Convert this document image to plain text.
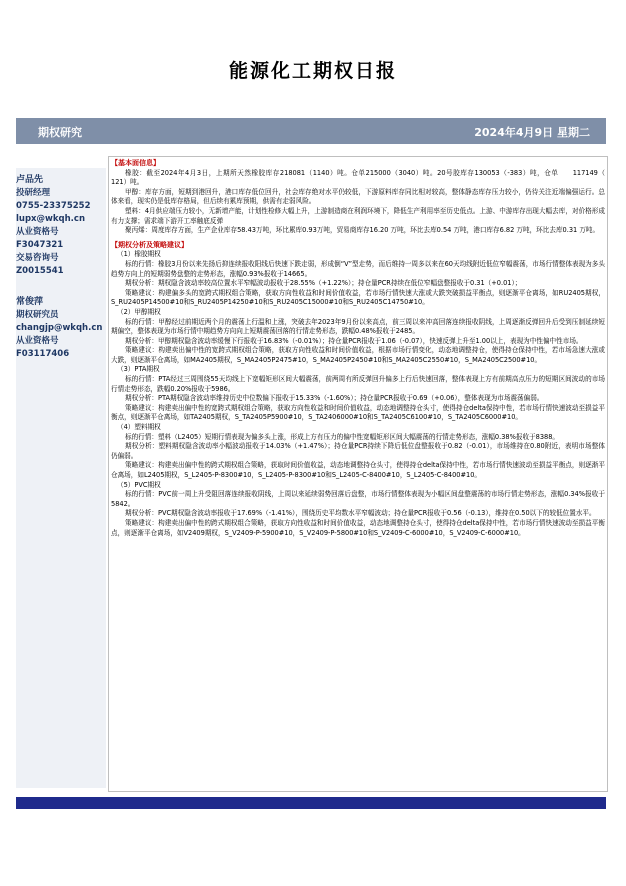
能源化工期权日报
期权研究	2024年4月9日 星期二
卢品先
投研经理
0755-23375252
lupx@wkqh.cn
从业资格号
F3047321
交易咨询号
Z0015541
常俊萍
期权研究员
changjp@wkqh.cn
从业资格号
F03117406
【基本面信息】

橡胶：截至2024年4月3日，上期所天然橡胶库存218081（1140）吨。仓单215000（3040）吨。20号胶库存130053（-383）吨，仓单　　117149（　　121）吨。

甲醇：库存方面，短期到港回升，港口库存低位回升，社会库存绝对水平仍较低，下游原料库存同比相对较高，整体静态库存压力较小，仍待关注近端偏强运行。总体来看，现实仍是低库存格局，但后续有累库预期，供需有走弱风险。

塑料：4月供应端压力较小，无新增产能，计划性检修大幅上升，上游制造商在利润环境下，降低生产利用率至历史低点。上游、中游库存出现大幅去库，对价格形成有力支撑；需求端下游开工率触底反弹

聚丙烯：周度库存方面，生产企业库存58.43万吨，环比累库0.93万吨，贸易商库存16.20 万吨，环比去库0.54 万吨，港口库存6.82 万吨，环比去库0.31 万吨。

【期权分析及策略建议】

（1）橡胶期权

标的行情：橡胶3月份以来先扬后抑连续报收阳线后快速下跌走弱，形成倒“V”型走势，而后维持一周多以来在60天均线附近低位窄幅震荡，市场行情整体表现为多头趋势方向上的短期弱势盘整的走势形态，涨幅0.93%报收于14665。

期权分析：期权隐含波动率较高位置水平窄幅波动报收于28.55%（+1.22%）；持仓量PCR持续在低位窄幅盘整报收于0.31（+0.01）；

策略建议：构建偏多头的宽跨式期权组合策略，获取方向性收益和时间价值收益，若市场行情快速大涨或大跌突破损益平衡点，则逐渐平仓离场，如RU2405期权，S_RU2405P14500#10和S_RU2405P14250#10和S_RU2405C15000#10和S_RU2405C14750#10。

（2）甲醇期权

标的行情：甲醇经过前期近两个月的震荡上行温和上涨，突破去年2023年9月份以来高点，前三周以来冲高回落连续报收阴线，上周逐渐反弹回升后受到压制延续短期偏空，整体表现为市场行情中期趋势方向向上短期震荡回落的行情走势形态，跌幅0.48%报收于2485。

期权分析：甲醇期权隐含波动率缓慢下行报收于16.83%（-0.01%）；持仓量PCR报收于1.06（-0.07），快速反弹上升至1.00以上，表现为中性偏中性市场。

策略建议：构建卖出偏中性的宽跨式期权组合策略，获取方向性收益和时间价值收益，根据市场行情变化，动态地调整持仓，使得持仓保持中性，若市场急速大涨或大跌，则逐渐平仓离场，如MA2405期权，S_MA2405P2475#10，S_MA2405P2450#10和S_MA2405C2550#10，S_MA2405C2500#10。

（3）PTA期权

标的行情：PTA经过三周围绕55天均线上下宽幅矩形区间大幅震荡，前两周有所反弹回升偏多上行后快速回落，整体表现上方有前期高点压力的短期区间波动的市场行情走势形态，跌幅0.20%报收于5986。

期权分析：PTA期权隐含波动率维持历史中位数偏下报收于15.33%（-1.60%）；持仓量PCR报收于0.69（+0.06），整体表现为市场震荡偏弱。

策略建议：构建卖出偏中性的宽跨式期权组合策略，获取方向性收益和时间价值收益，动态地调整持仓头寸，使得持仓delta保持中性，若市场行情快速波动至损益平衡点，则逐渐平仓离场，如TA2405期权，S_TA2405P5900#10，S_TA2406000#10和S_TA2405C6100#10，S_TA2405C6000#10。

（4）塑料期权

标的行情：塑料（L2405）短期行情表现为偏多头上涨，形成上方有压力的偏中性宽幅矩形区间大幅震荡的行情走势形态，涨幅0.38%报收于8388。

期权分析：塑料期权隐含波动率小幅波动报收于14.03%（+1.47%）；持仓量PCR持续下降后低位盘整报收于0.82（-0.01），市场维持在0.80附近，表明市场整体仍偏弱。

策略建议：构建卖出偏中性的跨式期权组合策略，获取时间价值收益，动态地调整持仓头寸，使得持仓delta保持中性，若市场行情快速波动至损益平衡点，则逐渐平仓离场，如L2405期权，S_L2405-P-8300#10，S_L2405-P-8300#10和S_L2405-C-8400#10，S_L2405-C-8400#10。

（5）PVC期权

标的行情：PVC前一周上升受阻回落连续报收阴线，上周以来延续弱势回落后盘整，市场行情整体表现为小幅区间盘整震荡的市场行情走势形态，涨幅0.34%报收于5842。

期权分析：PVC期权隐含波动率报收于17.69%（-1.41%），围绕历史平均数水平窄幅波动；持仓量PCR报收于0.56（-0.13），维持在0.50以下的较低位置水平。

策略建议：构建卖出偏中性的跨式期权组合策略，获取方向性收益和时间价值收益，动态地调整持仓头寸，使得持仓delta保持中性，若市场行情快速波动至损益平衡点，则逐渐平仓离场，如V2409期权，S_V2409-P-5900#10，S_V2409-P-5800#10和S_V2409-C-6000#10，S_V2409-C-6000#10。
